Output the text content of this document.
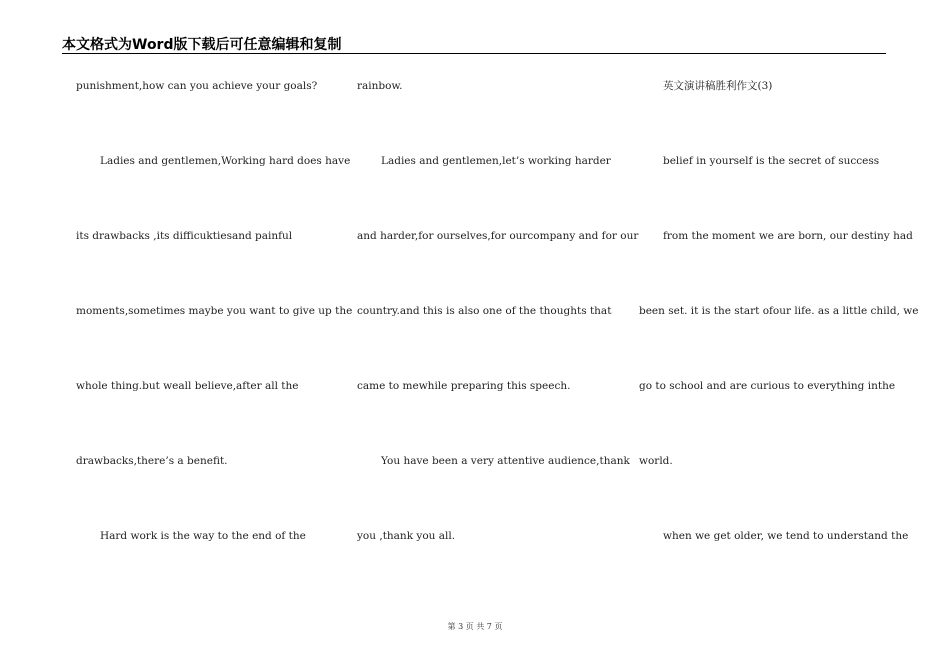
本文格式为Word版下载后可任意编辑和复制
punishment,how can you achieve your goals?
Ladies and gentlemen,Working hard does have
its drawbacks ,its difficuktiesand painful
moments,sometimes maybe you want to give up the
whole thing.but weall believe,after all the
drawbacks,there’s a benefit.
Hard work is the way to the end of the
rainbow.
Ladies and gentlemen,let’s working harder
and harder,for ourselves,for ourcompany and for our
country.and this is also one of the thoughts that
came to mewhile preparing this speech.
You have been a very attentive audience,thank
you ,thank you all.
英文演讲稿胜利作文(3)
belief in yourself is the secret of success
from the moment we are born, our destiny had
been set. it is the start ofour life. as a little child, we
go to school and are curious to everything inthe
world.
when we get older, we tend to understand the
第 3 页 共 7 页
